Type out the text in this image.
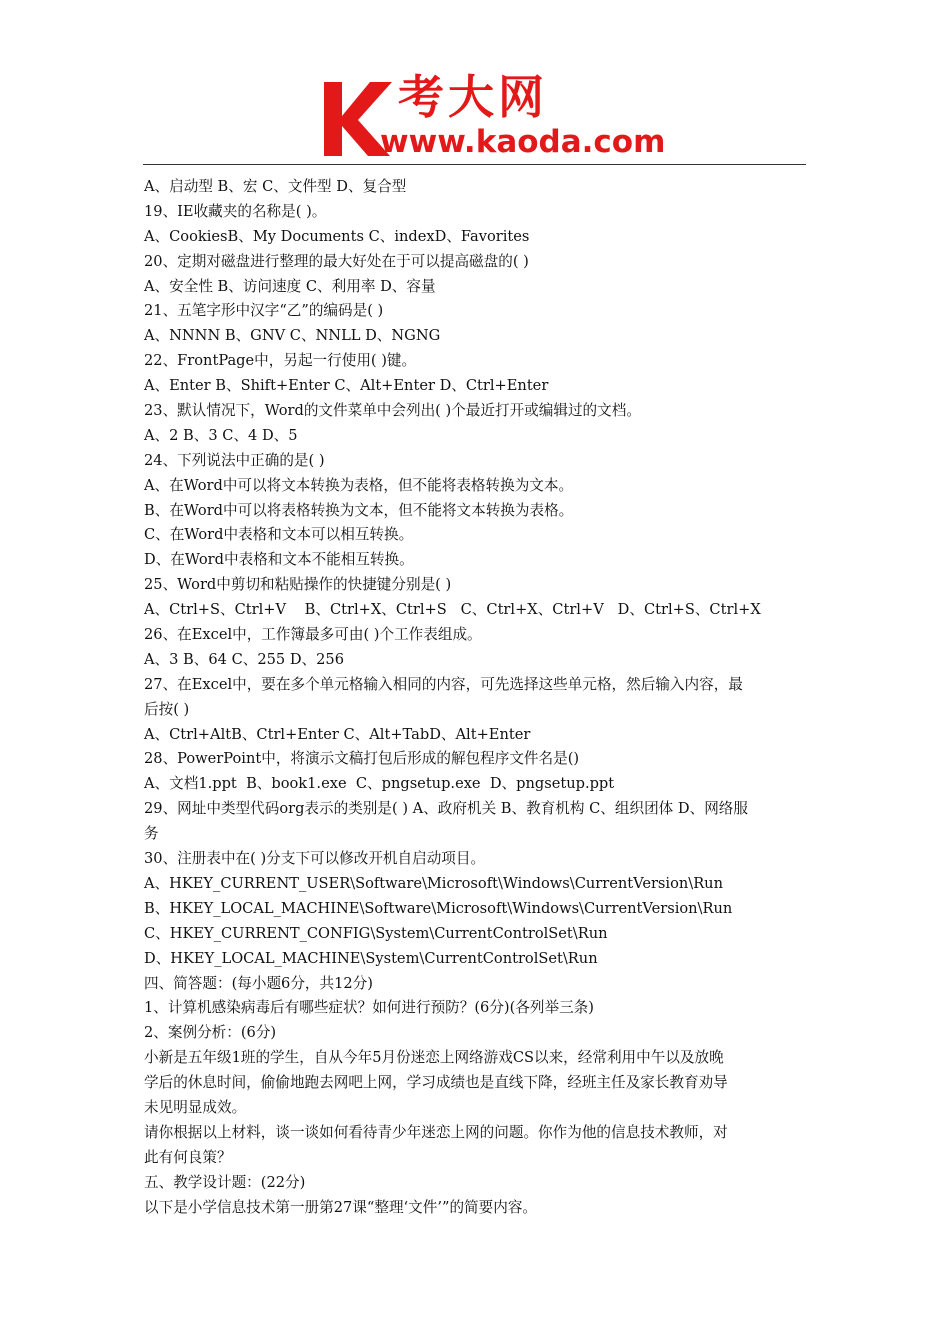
考大网
www.kaoda.com
A、启动型 B、宏 C、文件型 D、复合型
19、IE收藏夹的名称是( )。
A、CookiesB、My Documents C、indexD、Favorites
20、定期对磁盘进行整理的最大好处在于可以提高磁盘的( )
A、安全性 B、访问速度 C、利用率 D、容量
21、五笔字形中汉字“乙”的编码是( )
A、NNNN B、GNV C、NNLL D、NGNG
22、FrontPage中，另起一行使用( )键。
A、Enter B、Shift+Enter C、Alt+Enter D、Ctrl+Enter
23、默认情况下，Word的文件菜单中会列出( )个最近打开或编辑过的文档。
A、2 B、3 C、4 D、5
24、下列说法中正确的是( )
A、在Word中可以将文本转换为表格，但不能将表格转换为文本。
B、在Word中可以将表格转换为文本，但不能将文本转换为表格。
C、在Word中表格和文本可以相互转换。
D、在Word中表格和文本不能相互转换。
25、Word中剪切和粘贴操作的快捷键分别是( )
A、Ctrl+S、Ctrl+V    B、Ctrl+X、Ctrl+S   C、Ctrl+X、Ctrl+V   D、Ctrl+S、Ctrl+X
26、在Excel中，工作簿最多可由( )个工作表组成。
A、3 B、64 C、255 D、256
27、在Excel中，要在多个单元格输入相同的内容，可先选择这些单元格，然后输入内容，最
后按( )
A、Ctrl+AltB、Ctrl+Enter C、Alt+TabD、Alt+Enter
28、PowerPoint中，将演示文稿打包后形成的解包程序文件名是()
A、文档1.ppt  B、book1.exe  C、pngsetup.exe  D、pngsetup.ppt
29、网址中类型代码org表示的类别是( ) A、政府机关 B、教育机构 C、组织团体 D、网络服
务
30、注册表中在( )分支下可以修改开机自启动项目。
A、HKEY_CURRENT_USER\Software\Microsoft\Windows\CurrentVersion\Run
B、HKEY_LOCAL_MACHINE\Software\Microsoft\Windows\CurrentVersion\Run
C、HKEY_CURRENT_CONFIG\System\CurrentControlSet\Run
D、HKEY_LOCAL_MACHINE\System\CurrentControlSet\Run
四、简答题：(每小题6分，共12分)
1、计算机感染病毒后有哪些症状？如何进行预防？(6分)(各列举三条)
2、案例分析：(6分)
小新是五年级1班的学生，自从今年5月份迷恋上网络游戏CS以来，经常利用中午以及放晚
学后的休息时间，偷偷地跑去网吧上网，学习成绩也是直线下降，经班主任及家长教育劝导
未见明显成效。
请你根据以上材料，谈一谈如何看待青少年迷恋上网的问题。你作为他的信息技术教师，对
此有何良策？
五、教学设计题：(22分)
以下是小学信息技术第一册第27课“整理‘文件’”的简要内容。
